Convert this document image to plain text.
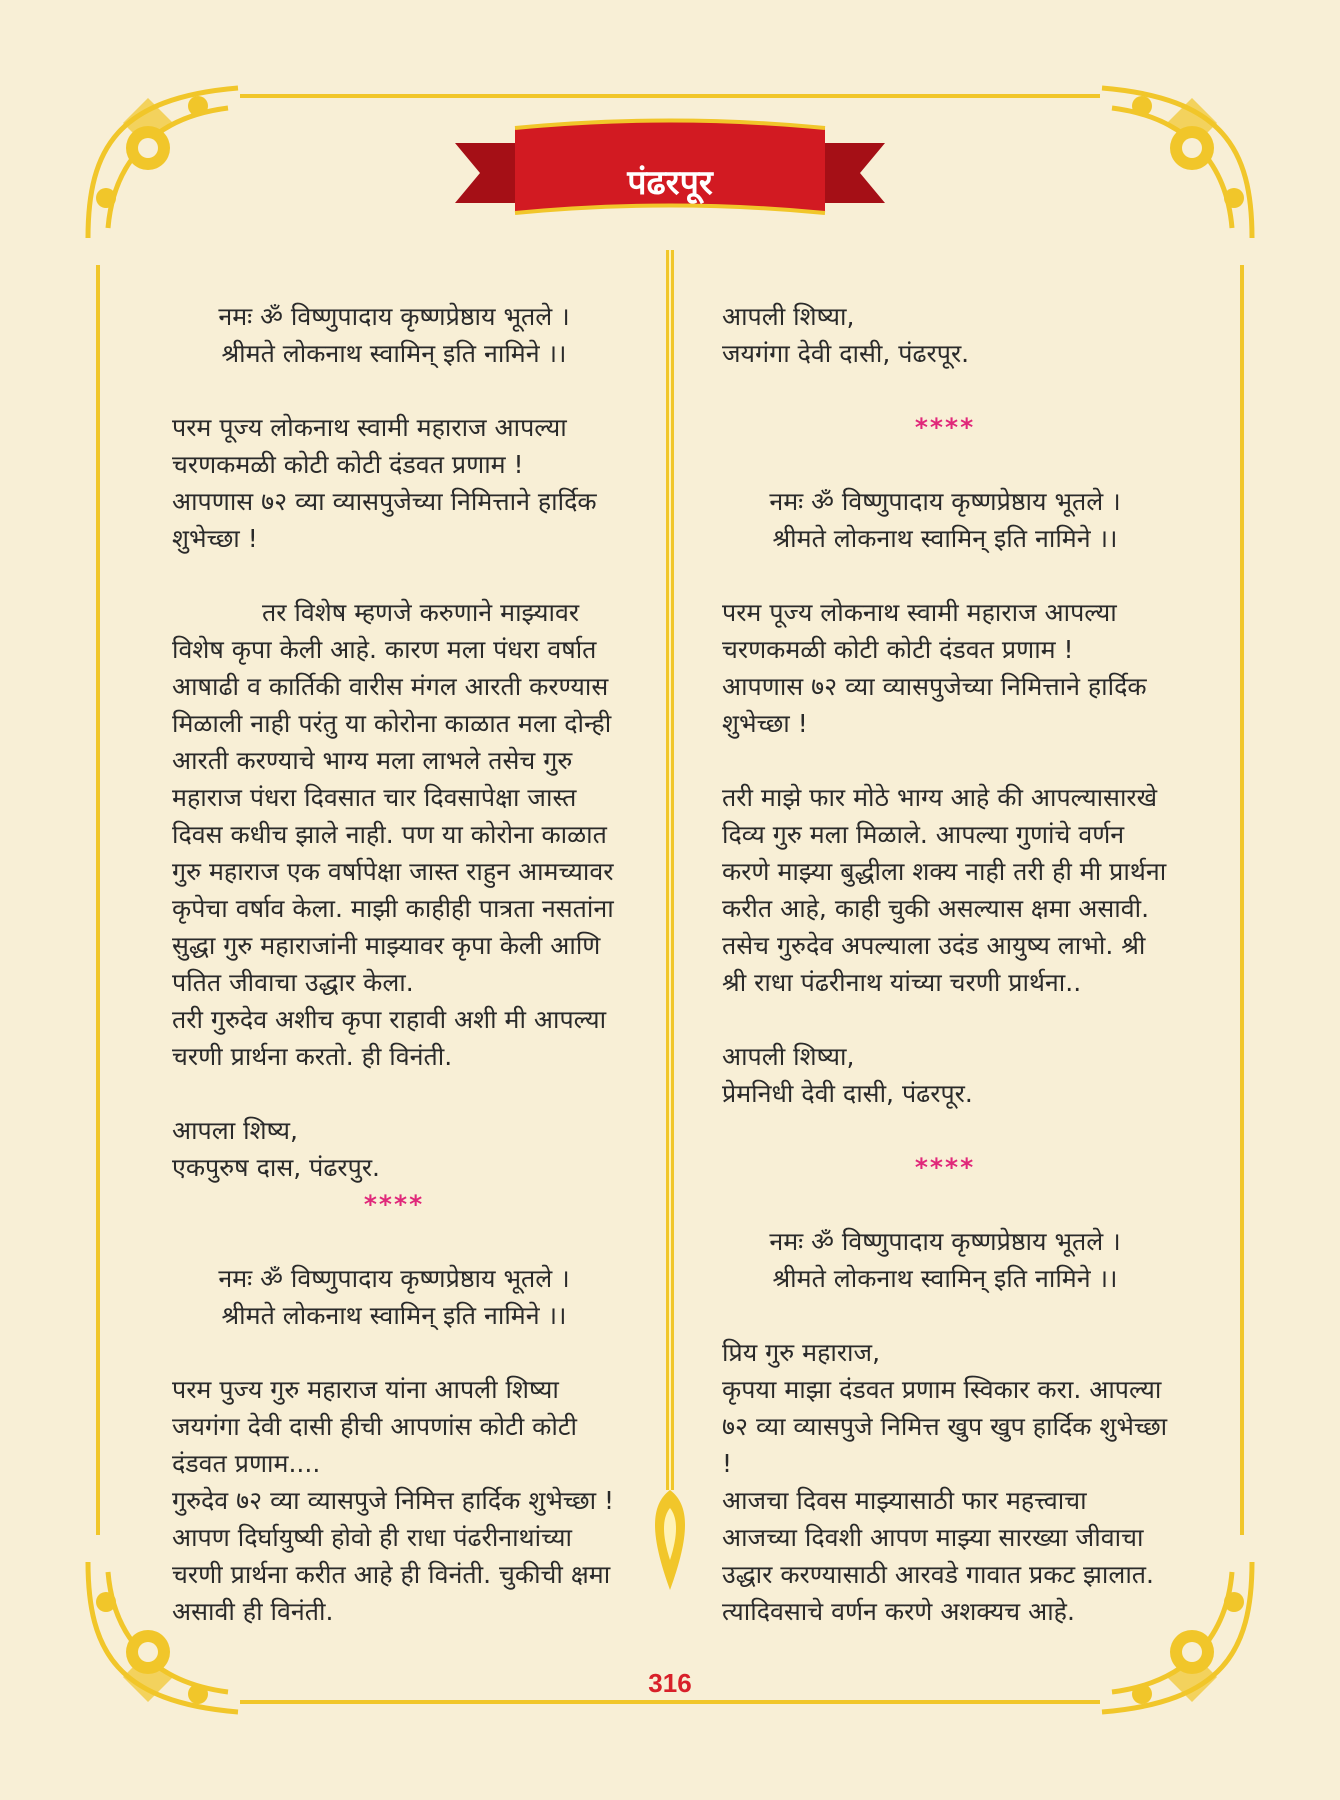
पंढरपूर

नमः ॐ विष्णुपादाय कृष्णप्रेष्ठाय भूतले ।

श्रीमते लोकनाथ स्वामिन् इति नामिने ।।

परम पूज्य लोकनाथ स्वामी महाराज आपल्या

चरणकमळी कोटी कोटी दंडवत प्रणाम !

आपणास ७२ व्या व्यासपुजेच्या निमित्ताने हार्दिक

शुभेच्छा !

तर विशेष म्हणजे करुणाने माझ्यावर

विशेष कृपा केली आहे. कारण मला पंधरा वर्षात

आषाढी व कार्तिकी वारीस मंगल आरती करण्यास

मिळाली नाही परंतु या कोरोना काळात मला दोन्ही

आरती करण्याचे भाग्य मला लाभले तसेच गुरु

महाराज पंधरा दिवसात चार दिवसापेक्षा जास्त

दिवस कधीच झाले नाही. पण या कोरोना काळात

गुरु महाराज एक वर्षापेक्षा जास्त राहुन आमच्यावर

कृपेचा वर्षाव केला. माझी काहीही पात्रता नसतांना

सुद्धा गुरु महाराजांनी माझ्यावर कृपा केली आणि

पतित जीवाचा उद्धार केला.

तरी गुरुदेव अशीच कृपा राहावी अशी मी आपल्या

चरणी प्रार्थना करतो. ही विनंती.

आपला शिष्य,

एकपुरुष दास, पंढरपुर.

****

नमः ॐ विष्णुपादाय कृष्णप्रेष्ठाय भूतले ।

श्रीमते लोकनाथ स्वामिन् इति नामिने ।।

परम पुज्य गुरु महाराज यांना आपली शिष्या

जयगंगा देवी दासी हीची आपणांस कोटी कोटी

दंडवत प्रणाम....

गुरुदेव ७२ व्या व्यासपुजे निमित्त हार्दिक शुभेच्छा !

आपण दिर्घायुष्यी होवो ही राधा पंढरीनाथांच्या

चरणी प्रार्थना करीत आहे ही विनंती. चुकीची क्षमा

असावी ही विनंती.

आपली शिष्या,

जयगंगा देवी दासी, पंढरपूर.

****

नमः ॐ विष्णुपादाय कृष्णप्रेष्ठाय भूतले ।

श्रीमते लोकनाथ स्वामिन् इति नामिने ।।

परम पूज्य लोकनाथ स्वामी महाराज आपल्या

चरणकमळी कोटी कोटी दंडवत प्रणाम !

आपणास ७२ व्या व्यासपुजेच्या निमित्ताने हार्दिक

शुभेच्छा !

तरी माझे फार मोठे भाग्य आहे की आपल्यासारखे

दिव्य गुरु मला मिळाले. आपल्या गुणांचे वर्णन

करणे माझ्या बुद्धीला शक्य नाही तरी ही मी प्रार्थना

करीत आहे, काही चुकी असल्यास क्षमा असावी.

तसेच गुरुदेव अपल्याला उदंड आयुष्य लाभो. श्री

श्री राधा पंढरीनाथ यांच्या चरणी प्रार्थना..

आपली शिष्या,

प्रेमनिधी देवी दासी, पंढरपूर.

****

नमः ॐ विष्णुपादाय कृष्णप्रेष्ठाय भूतले ।

श्रीमते लोकनाथ स्वामिन् इति नामिने ।।

प्रिय गुरु महाराज,

कृपया माझा दंडवत प्रणाम स्विकार करा. आपल्या

७२ व्या व्यासपुजे निमित्त खुप खुप हार्दिक शुभेच्छा

!

आजचा दिवस माझ्यासाठी फार महत्त्वाचा

आजच्या दिवशी आपण माझ्या सारख्या जीवाचा

उद्धार करण्यासाठी आरवडे गावात प्रकट झालात.

त्यादिवसाचे वर्णन करणे अशक्यच आहे.

316
